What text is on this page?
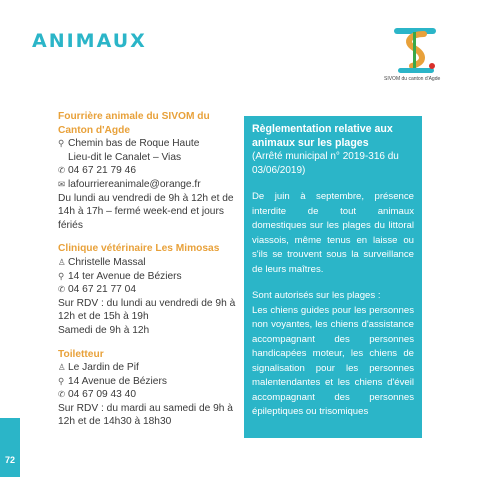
ANIMAUX
SIVOM du canton d'Agde
Fourrière animale du SIVOM du Canton d'Agde
⚲ Chemin bas de Roque Haute
Lieu-dit le Canalet – Vias
✆ 04 67 21 79 46
✉ lafourriereanimale@orange.fr
Du lundi au vendredi de 9h à 12h et de 14h à 17h – fermé week-end et jours fériés
Clinique vétérinaire Les Mimosas
♙ Christelle Massal
⚲ 14 ter Avenue de Béziers
✆ 04 67 21 77 04
Sur RDV : du lundi au vendredi de 9h à 12h et de 15h à 19h
Samedi de 9h à 12h
Toiletteur
♙ Le Jardin de Pif
⚲ 14 Avenue de Béziers
✆ 04 67 09 43 40
Sur RDV : du mardi au samedi de 9h à 12h et de 14h30 à 18h30
Règlementation relative aux animaux sur les plages
(Arrêté municipal n° 2019-316 du 03/06/2019)

De juin à septembre, présence interdite de tout animaux domestiques sur les plages du littoral viassois, même tenus en laisse ou s'ils se trouvent sous la surveillance de leurs maîtres.

Sont autorisés sur les plages :

Les chiens guides pour les personnes non voyantes, les chiens d'assistance accompagnant des personnes handicapées moteur, les chiens de signalisation pour les personnes malentendantes et les chiens d'éveil accompagnant des personnes épileptiques ou trisomiques

72
